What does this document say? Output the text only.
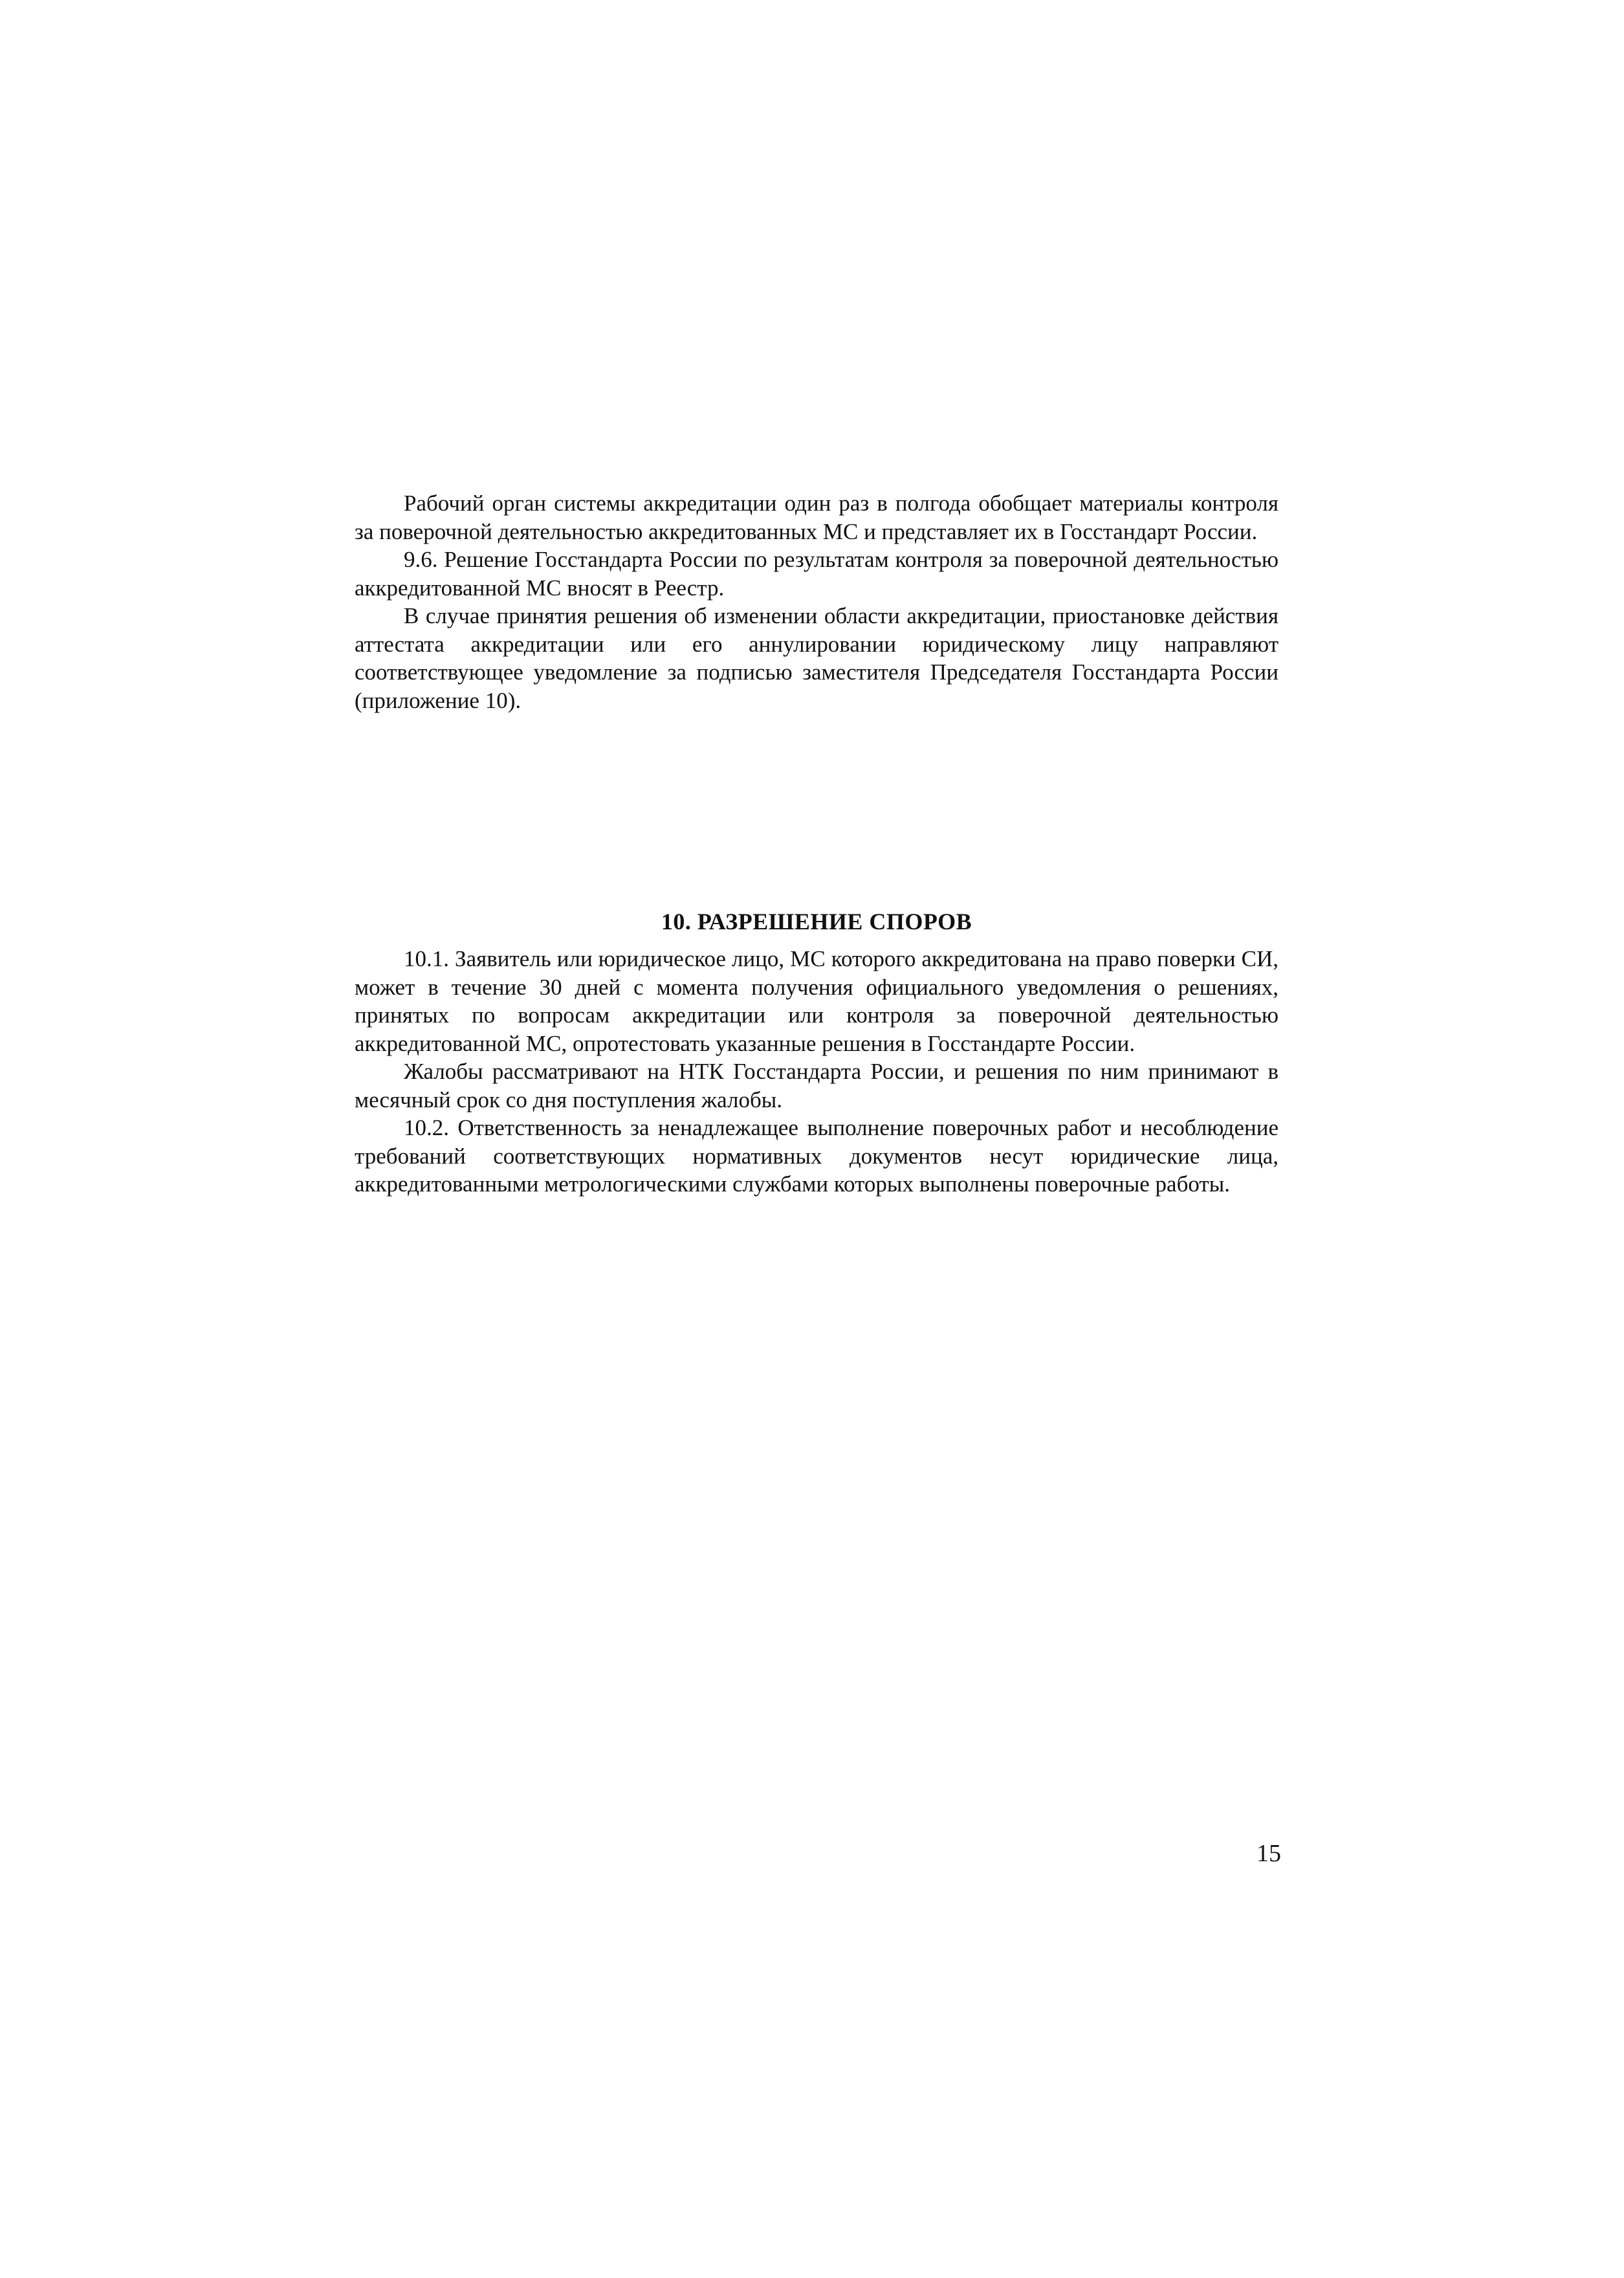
Рабочий орган системы аккредитации один раз в полгода обобщает материалы контроля за поверочной деятельностью аккредитованных МС и представляет их в Госстандарт России.

9.6. Решение Госстандарта России по результатам контроля за поверочной деятельностью аккредитованной МС вносят в Реестр.

В случае принятия решения об изменении области аккредитации, приостановке действия аттестата аккредитации или его аннулировании юридическому лицу направляют соответствующее уведомление за подписью заместителя Председателя Госстандарта России (приложение 10).

10. РАЗРЕШЕНИЕ СПОРОВ

10.1. Заявитель или юридическое лицо, МС которого аккредитована на право поверки СИ, может в течение 30 дней с момента получения официального уведомления о решениях, принятых по вопросам аккредитации или контроля за поверочной деятельностью аккредитованной МС, опротестовать указанные решения в Госстандарте России.

Жалобы рассматривают на НТК Госстандарта России, и решения по ним принимают в месячный срок со дня поступления жалобы.

10.2. Ответственность за ненадлежащее выполнение поверочных работ и несоблюдение требований соответствующих нормативных документов несут юридические лица, аккредитованными метрологическими службами которых выполнены поверочные работы.

15
